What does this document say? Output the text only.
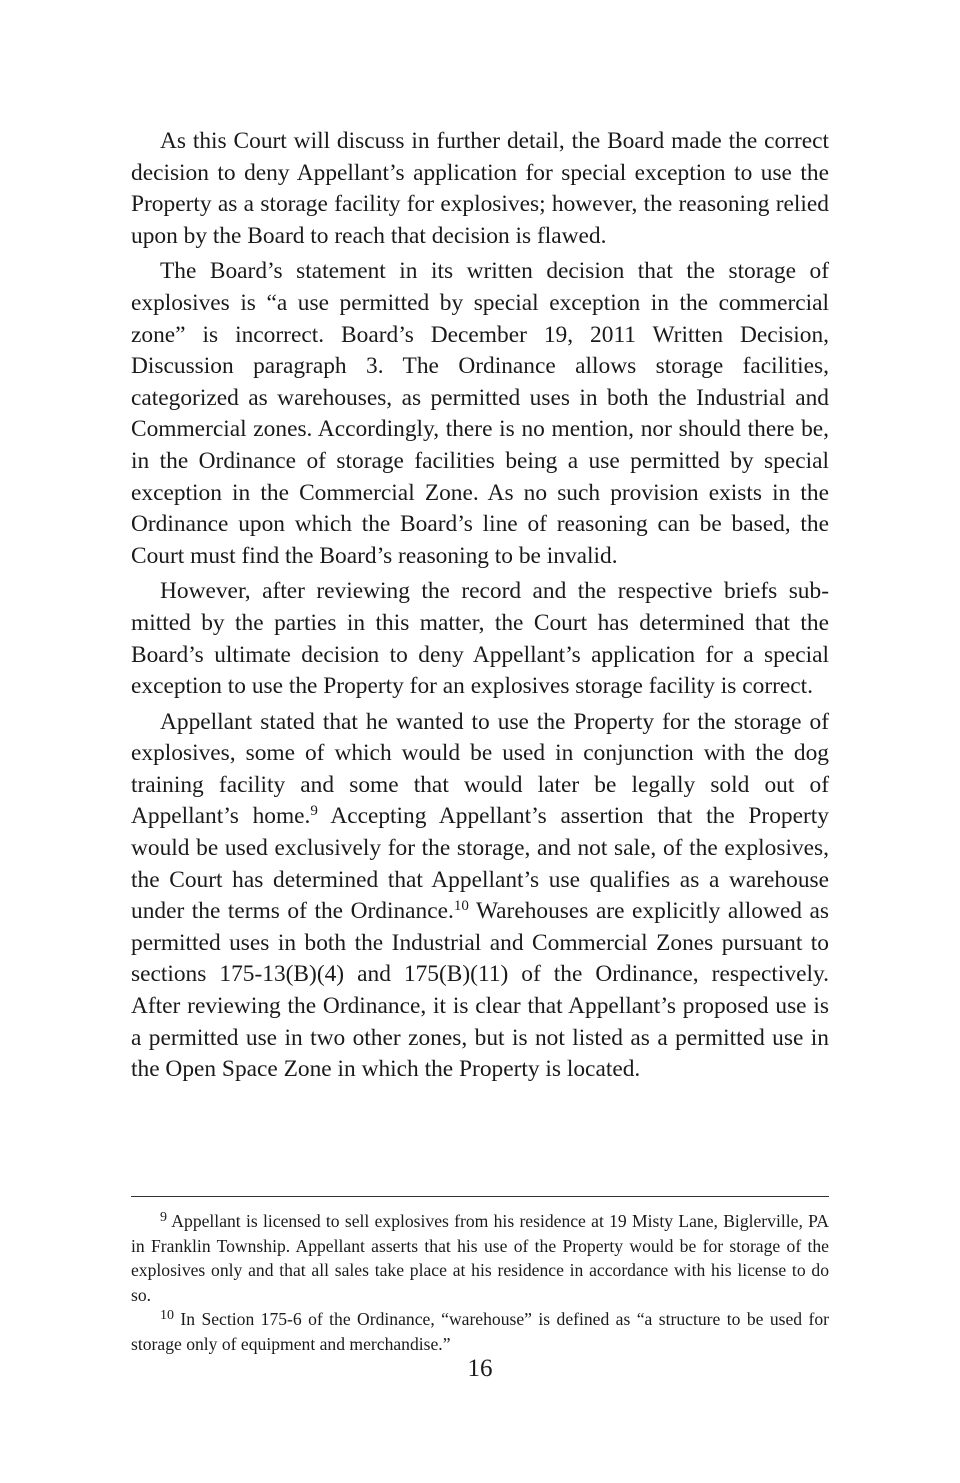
As this Court will discuss in further detail, the Board made the correct decision to deny Appellant’s application for special exception to use the Property as a storage facility for explosives; however, the reasoning relied upon by the Board to reach that decision is flawed.

The Board’s statement in its written decision that the storage of explosives is “a use permitted by special exception in the commercial zone” is incorrect. Board’s December 19, 2011 Written Decision, Discussion paragraph 3. The Ordinance allows storage facilities, categorized as warehouses, as permitted uses in both the Industrial and Commercial zones. Accordingly, there is no mention, nor should there be, in the Ordinance of storage facilities being a use permitted by special exception in the Commercial Zone. As no such provision exists in the Ordinance upon which the Board’s line of reasoning can be based, the Court must find the Board’s reasoning to be invalid.

However, after reviewing the record and the respective briefs submitted by the parties in this matter, the Court has determined that the Board’s ultimate decision to deny Appellant’s application for a special exception to use the Property for an explosives storage facility is correct.

Appellant stated that he wanted to use the Property for the storage of explosives, some of which would be used in conjunction with the dog training facility and some that would later be legally sold out of Appellant’s home.$^9$ Accepting Appellant’s assertion that the Property would be used exclusively for the storage, and not sale, of the explosives, the Court has determined that Appellant’s use qualifies as a warehouse under the terms of the Ordinance.$^{10}$ Warehouses are explicitly allowed as permitted uses in both the Industrial and Commercial Zones pursuant to sections 175-13(B)(4) and 175(B)(11) of the Ordinance, respectively. After reviewing the Ordinance, it is clear that Appellant’s proposed use is a permitted use in two other zones, but is not listed as a permitted use in the Open Space Zone in which the Property is located.

$^9$ Appellant is licensed to sell explosives from his residence at 19 Misty Lane, Biglerville, PA in Franklin Township. Appellant asserts that his use of the Property would be for storage of the explosives only and that all sales take place at his residence in accordance with his license to do so.

$^{10}$ In Section 175-6 of the Ordinance, “warehouse” is defined as “a structure to be used for storage only of equipment and merchandise.”

16
